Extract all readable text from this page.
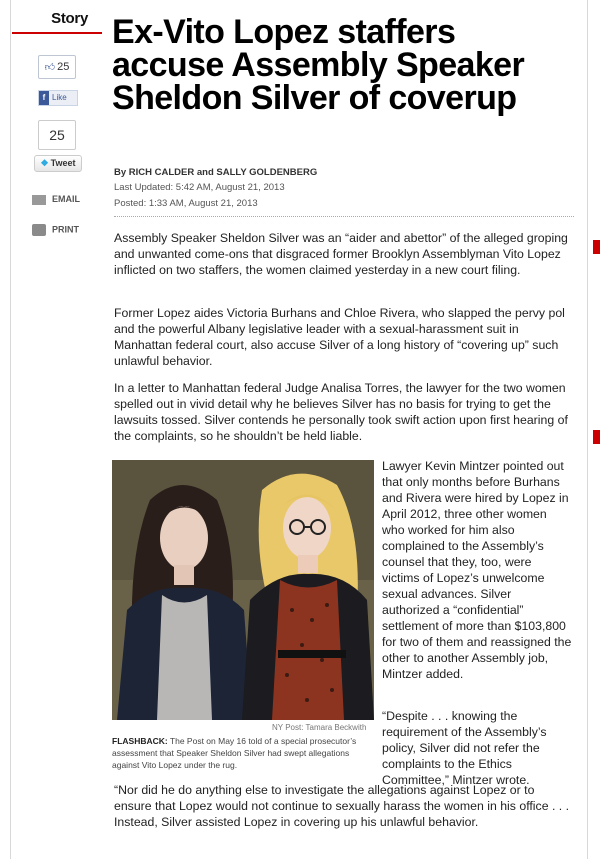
Story
👍︎ 25
f Like
25
❖ Tweet
EMAIL
PRINT
Ex-Vito Lopez staffers accuse Assembly Speaker Sheldon Silver of coverup
By RICH CALDER and SALLY GOLDENBERG
Last Updated: 5:42 AM, August 21, 2013
Posted: 1:33 AM, August 21, 2013

Assembly Speaker Sheldon Silver was an “aider and abettor” of the alleged groping and unwanted come-ons that disgraced former Brooklyn Assemblyman Vito Lopez inflicted on two staffers, the women claimed yesterday in a new court filing.

Former Lopez aides Victoria Burhans and Chloe Rivera, who slapped the pervy pol and the powerful Albany legislative leader with a sexual-harassment suit in Manhattan federal court, also accuse Silver of a long history of “covering up” such unlawful behavior.

In a letter to Manhattan federal Judge Analisa Torres, the lawyer for the two women spelled out in vivid detail why he believes Silver has no basis for trying to get the lawsuits tossed. Silver contends he personally took swift action upon first hearing of the complaints, so he shouldn’t be held liable.

NY Post: Tamara Beckwith

FLASHBACK: The Post on May 16 told of a special prosecutor’s assessment that Speaker Sheldon Silver had swept allegations against Vito Lopez under the rug.

Lawyer Kevin Mintzer pointed out that only months before Burhans and Rivera were hired by Lopez in April 2012, three other women who worked for him also complained to the Assembly’s counsel that they, too, were victims of Lopez’s unwelcome sexual advances. Silver authorized a “confidential” settlement of more than $103,800 for two of them and reassigned the other to another Assembly job, Mintzer added.

“Despite . . . knowing the requirement of the Assembly’s policy, Silver did not refer the complaints to the Ethics Committee,” Mintzer wrote.

“Nor did he do anything else to investigate the allegations against Lopez or to ensure that Lopez would not continue to sexually harass the women in his office . . . Instead, Silver assisted Lopez in covering up his unlawful behavior.
